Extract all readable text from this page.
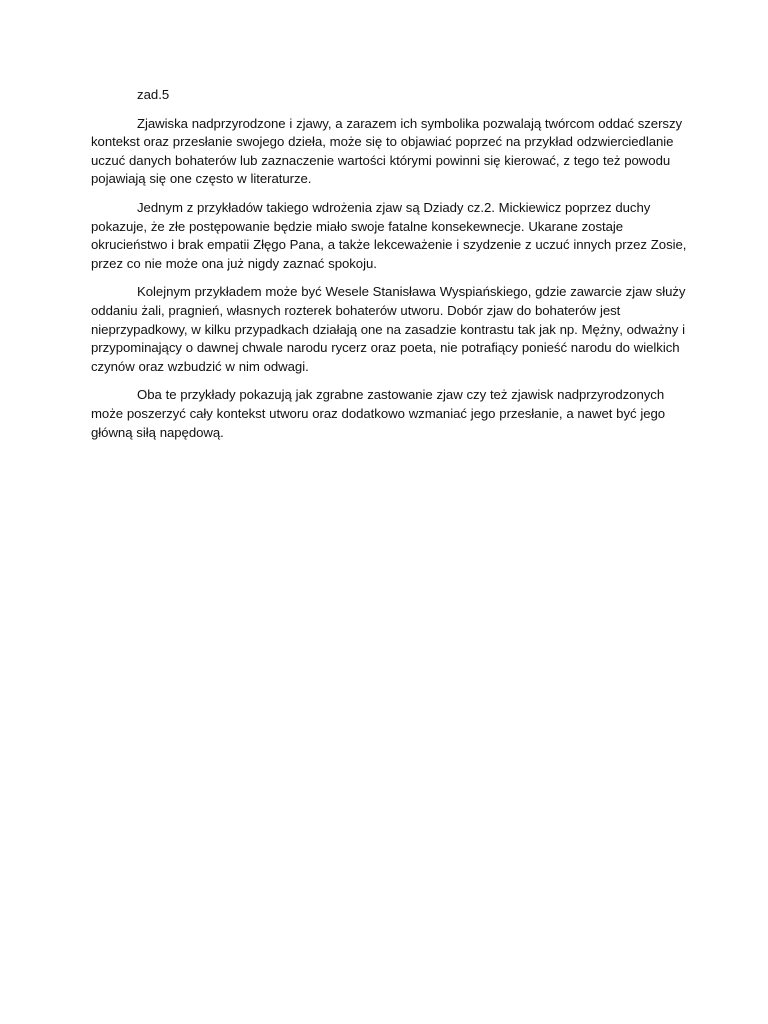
zad.5

Zjawiska nadprzyrodzone i zjawy, a zarazem ich symbolika pozwalają twórcom oddać szerszy kontekst oraz przesłanie swojego dzieła, może się to objawiać poprzeć na przykład odzwierciedlanie uczuć danych bohaterów lub zaznaczenie wartości którymi powinni się kierować, z tego też powodu pojawiają się one często w literaturze.

Jednym z przykładów takiego wdrożenia zjaw są Dziady cz.2. Mickiewicz poprzez duchy pokazuje, że złe postępowanie będzie miało swoje fatalne konsekewnecje. Ukarane zostaje okrucieństwo i brak empatii Złęgo Pana, a także lekceważenie i szydzenie z uczuć innych przez Zosie, przez co nie może ona już nigdy zaznać spokoju.

Kolejnym przykładem może być Wesele Stanisława Wyspiańskiego, gdzie zawarcie zjaw służy oddaniu żali, pragnień, własnych rozterek bohaterów utworu. Dobór zjaw do bohaterów jest nieprzypadkowy, w kilku przypadkach działają one na zasadzie kontrastu tak jak np. Mężny, odważny i przypominający o dawnej chwale narodu rycerz oraz poeta, nie potrafiący ponieść narodu do wielkich czynów oraz wzbudzić w nim odwagi.

Oba te przykłady pokazują jak zgrabne zastowanie zjaw czy też zjawisk nadprzyrodzonych może poszerzyć cały kontekst utworu oraz dodatkowo wzmaniać jego przesłanie, a nawet być jego główną siłą napędową.
